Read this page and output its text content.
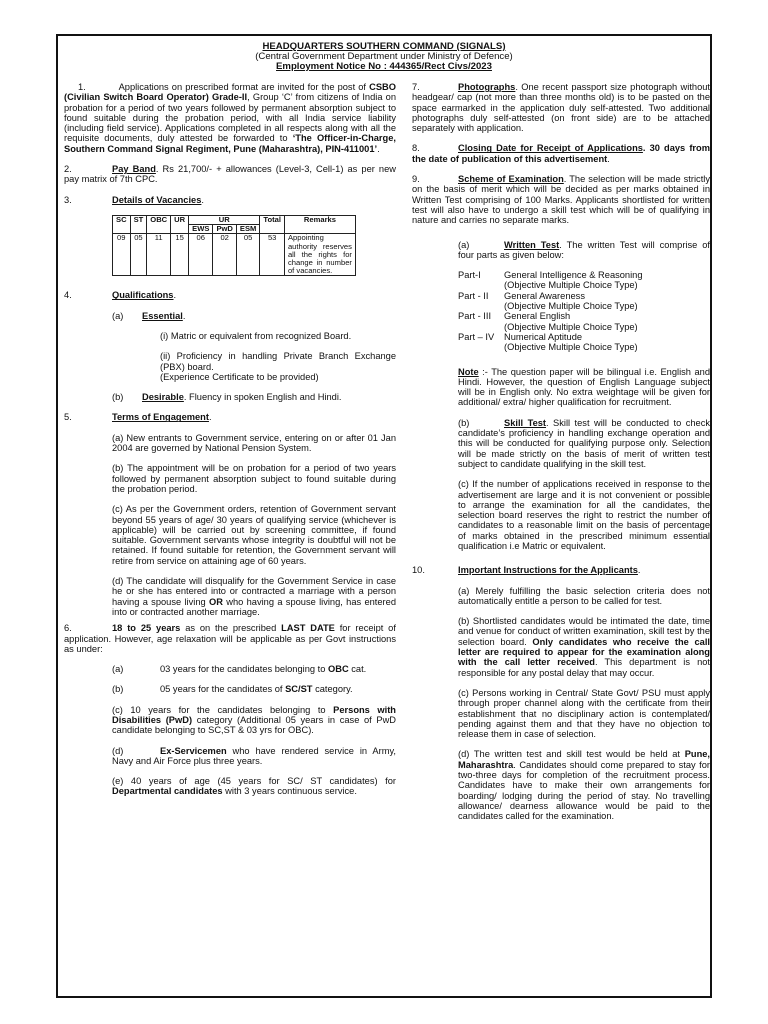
HEADQUARTERS SOUTHERN COMMAND (SIGNALS)
(Central Government Department under Ministry of Defence)
Employment Notice No : 444365/Rect Civs/2023

1.	Applications on prescribed format are invited for the post of CSBO (Civilian Switch Board Operator) Grade-II, Group ‘C’ from citizens of India on probation for a period of two years followed by permanent absorption subject to found suitable during the probation period, with all India service liability (including field service). Applications completed in all respects along with all the requisite documents, duly attested be forwarded to ‘The Officer-in-Charge, Southern Command Signal Regiment, Pune (Maharashtra), PIN-411001’.

2.	Pay Band. Rs 21,700/- + allowances (Level-3, Cell-1) as per new pay matrix of 7th CPC.

3.	Details of Vacancies .
SC	ST	OBC	UR	UR			Total	Remarks
				EWS	PwD	ESM		
09	05	11	15	06	02	05	53	Appointing authority reserves all the rights for change in number of vacancies.
4.	Qualifications .
(a)	Essential .

(i) Matric or equivalent from recognized Board.

(ii) Proficiency in handling Private Branch Exchange (PBX) board.

(Experience Certificate to be provided)

(b)	Desirable. Fluency in spoken English and Hindi.
5.	Terms of Engagement .

(a) New entrants to Government service, entering on or after 01 Jan 2004 are governed by National Pension System.

(b) The appointment will be on probation for a period of two years followed by permanent absorption subject to found suitable during the probation period.

(c) As per the Government orders, retention of Government servant beyond 55 years of age/ 30 years of qualifying service (whichever is applicable) will be carried out by screening committee, if found suitable. Government servants whose integrity is doubtful will not be retained. If found suitable for retention, the Government servant will retire from service on attaining age of 60 years.

(d) The candidate will disqualify for the Government Service in case he or she has entered into or contracted a marriage with a person having a spouse living OR who having a spouse living, has entered into or contracted another marriage.

6.	18 to 25 years as on the prescribed LAST DATE for receipt of application. However, age relaxation will be applicable as per Govt instructions as under:

(a)	03 years for the candidates belonging to OBC cat.
(b)	05 years for the candidates of SC/ST category.

(c) 10 years for the candidates belonging to Persons with Disabilities (PwD) category (Additional 05 years in case of PwD candidate belonging to SC,ST & 03 yrs for OBC).

(d)	Ex-Servicemen who have rendered service in Army, Navy and Air Force plus three years.

(e) 40 years of age (45 years for SC/ ST candidates) for Departmental candidates with 3 years continuous service.

7.	Photographs. One recent passport size photograph without headgear/ cap (not more than three months old) is to be pasted on the space earmarked in the application duly self-attested. Two additional photographs duly self-attested (on front side) are to be attached separately with application.

8.	Closing Date for Receipt of Applications. 30 days from the date of publication of this advertisement.

9.	Scheme of Examination. The selection will be made strictly on the basis of merit which will be decided as per marks obtained in Written Test comprising of 100 Marks. Applicants shortlisted for written test will also have to undergo a skill test which will be of qualifying in nature and carries no separate marks.

(a)	Written Test. The written Test will comprise of four parts as given below:

Part-I	General Intelligence & Reasoning
(Objective Multiple Choice Type)
Part - II	General Awareness
(Objective Multiple Choice Type)
Part - III	General English
(Objective Multiple Choice Type)
Part – IV	Numerical Aptitude
(Objective Multiple Choice Type)

Note :- The question paper will be bilingual i.e. English and Hindi. However, the question of English Language subject will be in English only. No extra weightage will be given for additional/ extra/ higher qualification for recruitment.

(b)	Skill Test. Skill test will be conducted to check candidate’s proficiency in handling exchange operation and this will be conducted for qualifying purpose only. Selection will be made strictly on the basis of merit of written test subject to candidate qualifying in the skill test.

(c) If the number of applications received in response to the advertisement are large and it is not convenient or possible to arrange the examination for all the candidates, the selection board reserves the right to restrict the number of candidates to a reasonable limit on the basis of percentage of marks obtained in the prescribed minimum essential qualification i.e Matric or equivalent.

10.	Important Instructions for the Applicants .

(a) Merely fulfilling the basic selection criteria does not automatically entitle a person to be called for test.

(b) Shortlisted candidates would be intimated the date, time and venue for conduct of written examination, skill test by the selection board. Only candidates who receive the call letter are required to appear for the examination along with the call letter received. This department is not responsible for any postal delay that may occur.

(c) Persons working in Central/ State Govt/ PSU must apply through proper channel along with the certificate from their establishment that no disciplinary action is contemplated/ pending against them and that they have no objection to release them in case of selection.

(d) The written test and skill test would be held at Pune, Maharashtra. Candidates should come prepared to stay for two-three days for completion of the recruitment process. Candidates have to make their own arrangements for boarding/ lodging during the period of stay. No travelling allowance/ dearness allowance would be paid to the candidates called for the examination.
